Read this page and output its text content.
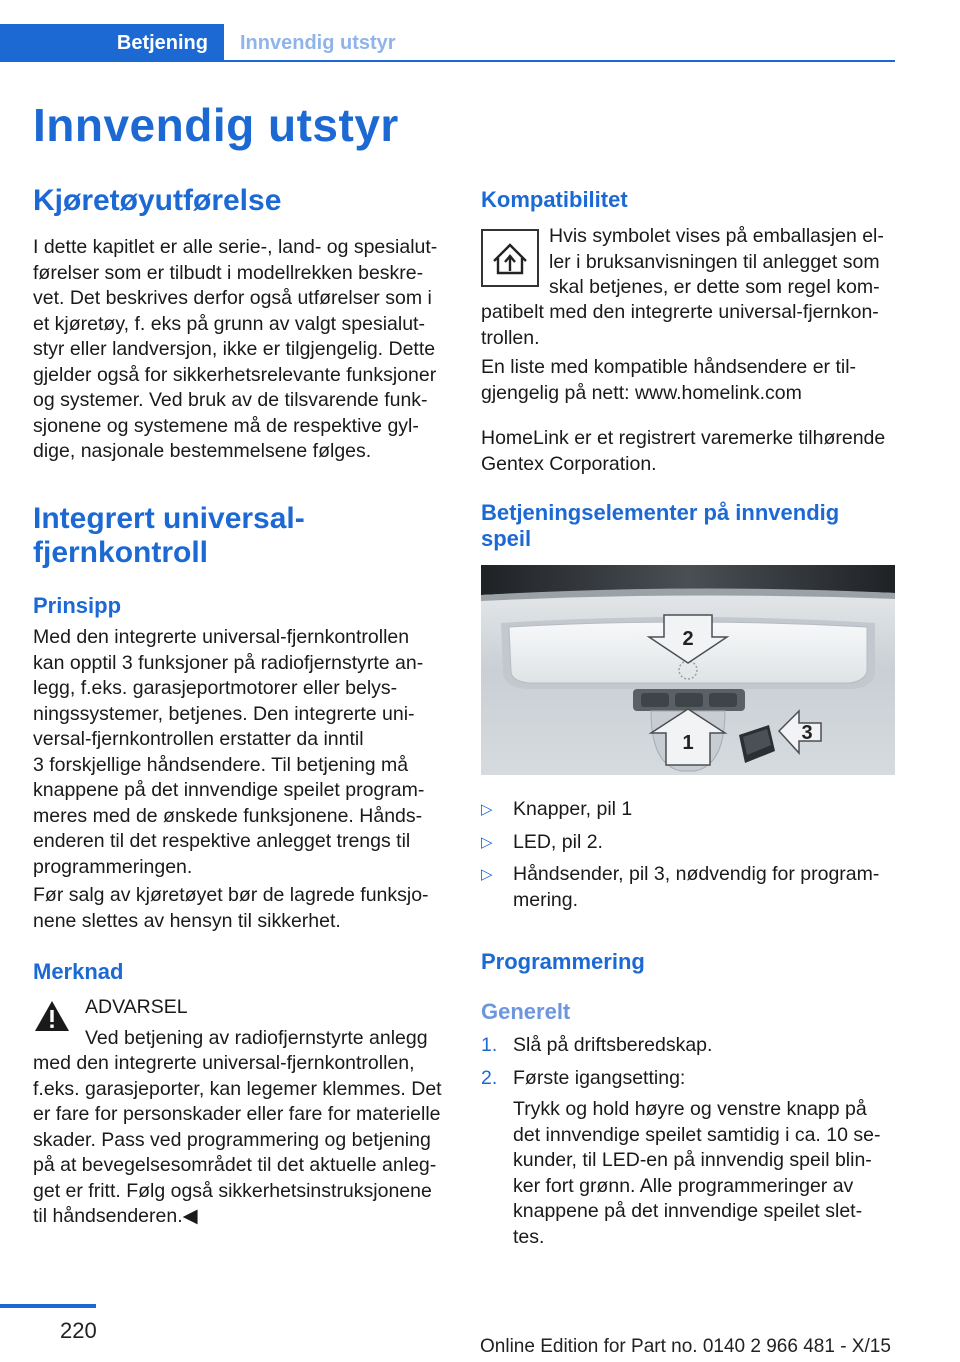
Betjening	Innvendig utstyr
Innvendig utstyr
Kjøretøyutførelse

I dette kapitlet er alle serie-, land- og spesialut‐

førelser som er tilbudt i modellrekken beskre‐

vet. Det beskrives derfor også utførelser som i

et kjøretøy, f. eks på grunn av valgt spesialut‐

styr eller landversjon, ikke er tilgjengelig. Dette

gjelder også for sikkerhetsrelevante funksjoner

og systemer. Ved bruk av de tilsvarende funk‐

sjonene og systemene må de respektive gyl‐

dige, nasjonale bestemmelsene følges.

Integrert universal‐
fjernkontroll
Prinsipp

Med den integrerte universal-fjernkontrollen

kan opptil 3 funksjoner på radiofjernstyrte an‐

legg, f.eks. garasjeportmotorer eller belys‐

ningssystemer, betjenes. Den integrerte uni‐

versal-fjernkontrollen erstatter da inntil

3 forskjellige håndsendere. Til betjening må

knappene på det innvendige speilet program‐

meres med de ønskede funksjonene. Hånds‐

enderen til det respektive anlegget trengs til

programmeringen.

Før salg av kjøretøyet bør de lagrede funksjo‐

nene slettes av hensyn til sikkerhet.

Merknad

ADVARSEL

Ved betjening av radiofjernstyrte anlegg

med den integrerte universal-fjernkontrollen,

f.eks. garasjeporter, kan legemer klemmes. Det

er fare for personskader eller fare for materielle

skader. Pass ved programmering og betjening

på at bevegelsesområdet til det aktuelle anleg‐

get er fritt. Følg også sikkerhetsinstruksjonene

til håndsenderen.◀

Kompatibilitet

Hvis symbolet vises på emballasjen el‐

ler i bruksanvisningen til anlegget som

skal betjenes, er dette som regel kom‐

patibelt med den integrerte universal-fjernkon‐

trollen.

En liste med kompatible håndsendere er til‐

gjengelig på nett: www.homelink.com

HomeLink er et registrert varemerke tilhørende

Gentex Corporation.

Betjeningselementer på innvendig
speil
2
1	3
▷ Knapper, pil 1
▷ LED, pil 2.
▷ Håndsender, pil 3, nødvendig for program‐
mering.
Programmering
Generelt
1. Slå på driftsberedskap.
2. Første igangsetting:

Trykk og hold høyre og venstre knapp på

det innvendige speilet samtidig i ca. 10 se‐

kunder, til LED-en på innvendig speil blin‐

ker fort grønn. Alle programmeringer av

knappene på det innvendige speilet slet‐

tes.

220
Online Edition for Part no. 0140 2 966 481 - X/15
